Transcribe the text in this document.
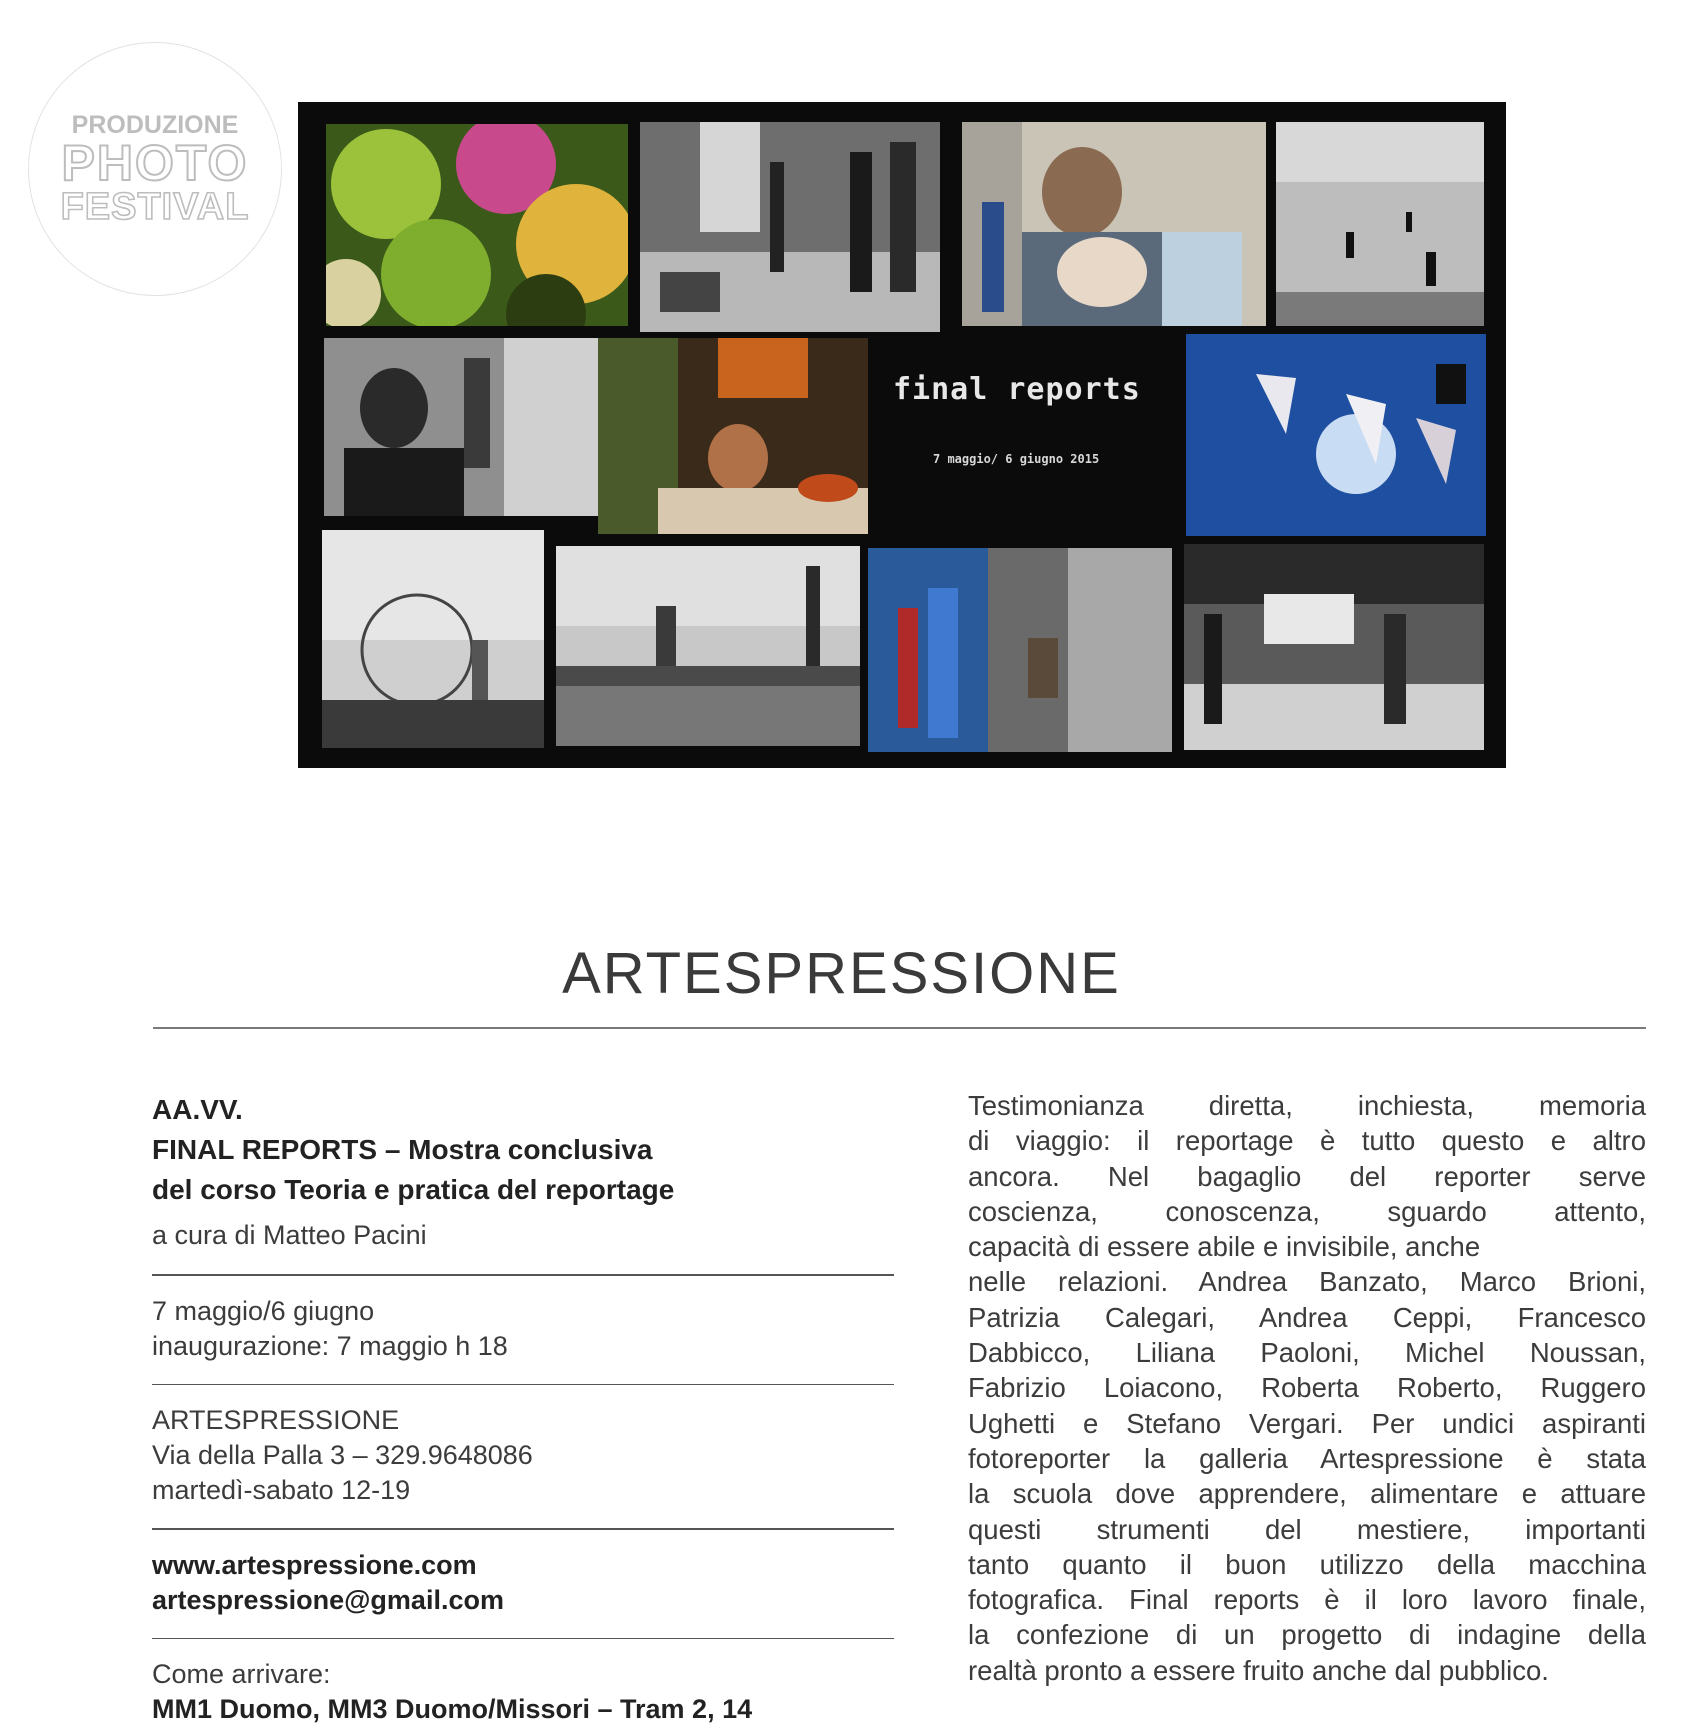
PRODUZIONE
PHOTO
FESTIVAL
final reports
7 maggio/ 6 giugno 2015
ARTESPRESSIONE
AA.VV.
FINAL REPORTS – Mostra conclusiva
del corso Teoria e pratica del reportage
a cura di Matteo Pacini
7 maggio/6 giugno
inaugurazione: 7 maggio h 18
ARTESPRESSIONE
Via della Palla 3 – 329.9648086
martedì-sabato 12-19
www.artespressione.com
artespressione@gmail.com
Come arrivare:
MM1 Duomo, MM3 Duomo/Missori – Tram 2, 14
Testimonianza diretta, inchiesta, memoria
di viaggio: il reportage è tutto questo e altro
ancora. Nel bagaglio del reporter serve
coscienza, conoscenza, sguardo attento,
capacità di essere abile e invisibile, anche
nelle relazioni. Andrea Banzato, Marco Brioni,
Patrizia Calegari, Andrea Ceppi, Francesco
Dabbicco, Liliana Paoloni, Michel Noussan,
Fabrizio Loiacono, Roberta Roberto, Ruggero
Ughetti e Stefano Vergari. Per undici aspiranti
fotoreporter la galleria Artespressione è stata
la scuola dove apprendere, alimentare e attuare
questi strumenti del mestiere, importanti
tanto quanto il buon utilizzo della macchina
fotografica. Final reports è il loro lavoro finale,
la confezione di un progetto di indagine della
realtà pronto a essere fruito anche dal pubblico.
